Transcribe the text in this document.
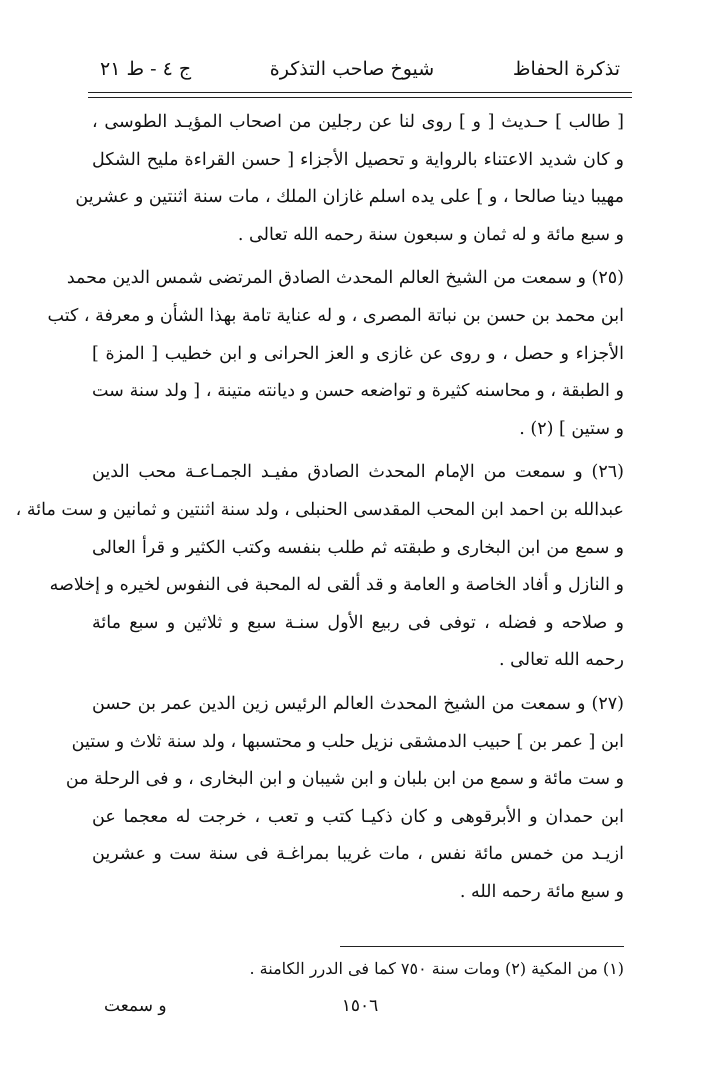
تذكرة الحفاظ
شيوخ صاحب التذكرة
ج ٤ - ط ٢١
[ طالب ] حـديث [ و ] روى لنا عن رجلين من اصحاب المؤيـد الطوسى ،
و كان شديد الاعتناء بالرواية و تحصيل الأجزاء [ حسن القراءة مليح الشكل
مهيبا دينا صالحا ، و ] على يده اسلم غازان الملك ، مات سنة اثنتين و عشرين
و سبع مائة و له ثمان و سبعون سنة رحمه الله تعالى .
(٢٥) و سمعت من الشيخ العالم المحدث الصادق المرتضى شمس الدين محمد
ابن محمد بن حسن بن نباتة المصرى ، و له عناية تامة بهذا الشأن و معرفة ، كتب
الأجزاء و حصل ، و روى عن غازى و العز الحرانى و ابن خطيب [ المزة ]
و الطبقة ، و محاسنه كثيرة و تواضعه حسن و ديانته متينة ، [ ولد سنة ست
و ستين ] (٢) .
(٢٦) و سمعت من الإمام المحدث الصادق مفيـد الجمـاعـة محب الدين
عبدالله بن احمد ابن المحب المقدسى الحنبلى ، ولد سنة اثنتين و ثمانين و ست مائة ،
و سمع من ابن البخارى و طبقته ثم طلب بنفسه وكتب الكثير و قرأ العالى
و النازل و أفاد الخاصة و العامة و قد ألقى له المحبة فى النفوس لخيره و إخلاصه
و صلاحه و فضله ، توفى فى ربيع الأول سنـة سبع و ثلاثين و سبع مائة
رحمه الله تعالى .
(٢٧) و سمعت من الشيخ المحدث العالم الرئيس زين الدين عمر بن حسن
ابن [ عمر بن ] حبيب الدمشقى نزيل حلب و محتسبها ، ولد سنة ثلاث و ستين
و ست مائة و سمع من ابن بلبان و ابن شيبان و ابن البخارى ، و فى الرحلة من
ابن حمدان و الأبرقوهى و كان ذكيـا كتب و تعب ، خرجت له معجما عن
ازيـد من خمس مائة نفس ، مات غريبا بمراغـة فى سنة ست و عشرين
و سبع مائة رحمه الله .
(١) من المكية (٢) ومات سنة ٧٥٠ كما فى الدرر الكامنة .
١٥٠٦
و سمعت
